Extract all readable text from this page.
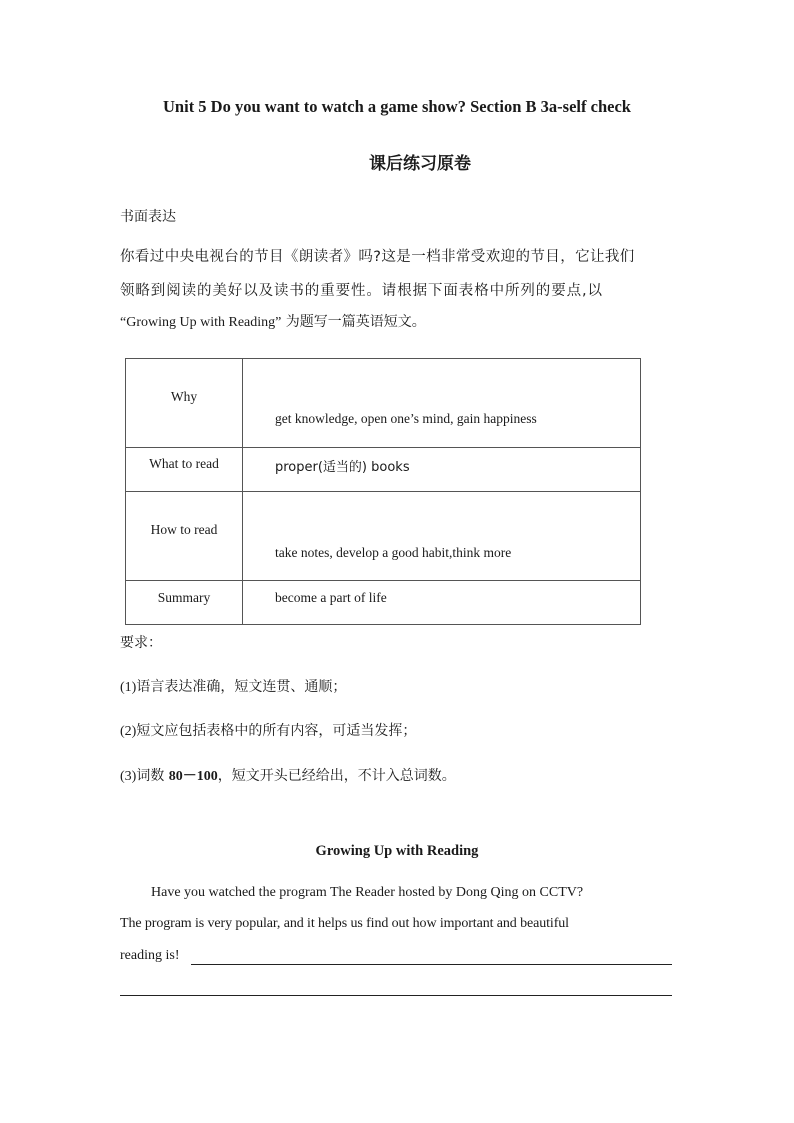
Unit 5 Do you want to watch a game show? Section B 3a-self check
课后练习原卷
书面表达
你看过中央电视台的节目《朗读者》吗?这是一档非常受欢迎的节目，它让我们
领略到阅读的美好以及读书的重要性。请根据下面表格中所列的要点,以
“Growing Up with Reading” 为题写一篇英语短文。
Why	get knowledge, open one’s mind, gain happiness

What to read	proper(适当的) books

How to read	take notes, develop a good habit,think more

Summary	become a part of life
要求：
(1)语言表达准确，短文连贯、通顺；
(2)短文应包括表格中的所有内容，可适当发挥；
(3)词数 80－100，短文开头已经给出，不计入总词数。
Growing Up with Reading
Have you watched the program The Reader hosted by Dong Qing on CCTV?
The program is very popular, and it helps us find out how important and beautiful
reading is!
